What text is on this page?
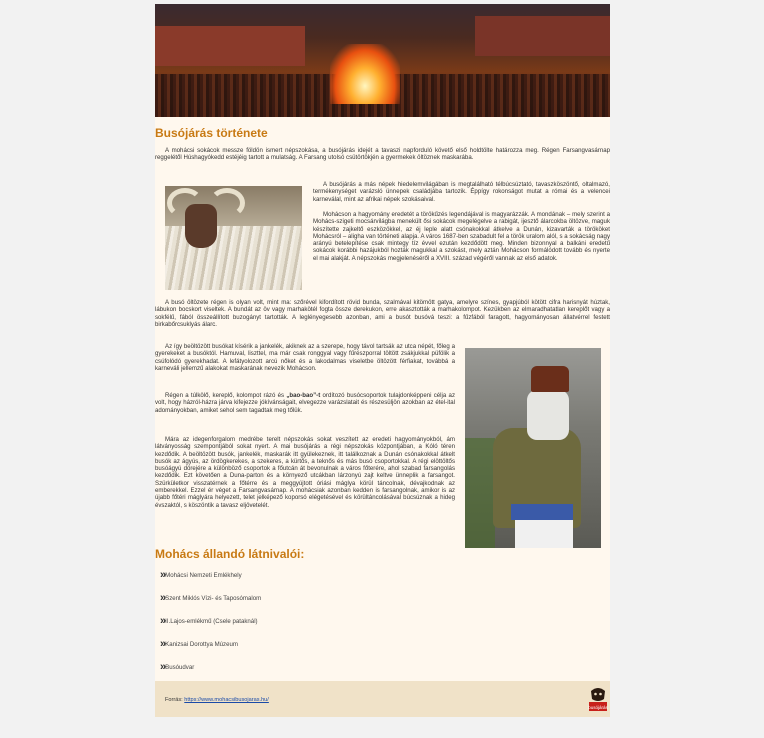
Busójárás története

A mohácsi sokácok messze földön ismert népszokása, a busójárás idejét a tavaszi napforduló követő első holdtölte határozza meg. Régen Farsangvasárnap reggelétől Húshagyókedd estéjéig tartott a mulatság. A Farsang utolsó csütörtökjén a gyermekek öltöznek maskarába.

A busójárás a más népek hiedelemvilágában is megtalálható télbúcsúztató, tavaszköszöntő, oltalmazó, termékenységet varázsló ünnepek családjába tartozik. Éppígy rokonságot mutat a római és a velencei karneválal, mint az afrikai népek szokásaival.

Mohácson a hagyomány eredetét a törökűzés legendájával is magyarázzák. A mondának – mely szerint a Mohács-szigeti mocsárvilágba menekült ősi sokácok megelégelve a rabigát, ijesztő álarcokba öltözve, maguk készítette zajkeltő eszközökkel, az éj leple alatt csónakokkal átkelve a Dunán, kizavarták a törököket Mohácsról – aligha van történeti alapja. A város 1687-ben szabadult fel a török uralom alól, s a sokácság nagy arányú betelepítése csak mintegy tíz évvel ezután kezdődött meg. Minden bizonnyal a balkáni eredetű sokácok korábbi hazájukból hozták magukkal a szokást, mely aztán Mohácson formálódott tovább és nyerte el mai alakját. A népszokás megjelenéséről a XVIII. század végéről vannak az első adatok.

A busó öltözete régen is olyan volt, mint ma: szőrével kifordított rövid bunda, szalmával kitömött gatya, amelyre színes, gyapjúból kötött cifra harisnyát húztak, lábukon bocskort viseltek. A bundát az öv vagy marhakötél fogta össze derekukon, erre akasztották a marhakolompot. Kezükben az elmaradhatatlan kereplőt vagy a sokfélű, fából összeállított buzogányt tartották. A leglényegesebb azonban, ami a busót busóvá teszi: a fűzfából faragott, hagyományosan állatvérrel festett birkabőrcsuklyás álarc.

Az így beöltözött busókat kísérik a jankelék, akiknek az a szerepe, hogy távol tartsák az utca népét, főleg a gyerekeket a busóktól. Hamuval, liszttel, ma már csak ronggyal vagy fűrészporral töltött zsákjukkal püfölik a csúfolódó gyerekhadat. A lefátyolozott arcú nőket és a lakodalmas viseletbe öltözött férfiakat, továbbá a karneváli jellemzű alakokat maskarának nevezik Mohácson.

Régen a túlkölő, kereplő, kolompot rázó és „bao-bao”-t ordítozó busócsoportok tulajdonképpeni célja az volt, hogy házról-házra járva kifejezze jókívánságait, elvegezze varázslatait és részesüljön azokban az étel-ital adományokban, amiket sehol sem tagadtak meg tőlük.

Mára az idegenforgalom medrébe terelt népszokás sokat veszített az eredeti hagyományokból, ám látványosság szempontjából sokat nyert. A mai busójárás a régi népszokás központjában, a Kóló téren kezdődik. A beöltözött busók, jankelék, maskarák itt gyülekeznek, itt találkoznak a Dunán csónakokkal átkelt busók az ágyús, az ördögkerekes, a szekeres, a kürtős, a teknős és más busó csoportokkal. A régi elöttöltős busóágyú dörejére a különböző csoportok a főutcán át bevonulnak a város főterére, ahol szabad farsangolás kezdődik. Ezt követően a Duna-parton és a környező utcákban lárzonyú zajt keltve ünneplik a farsangot. Szürkületkor visszatérnek a főtérre és a meggyújtott óriási máglya körül táncolnak, dévajkodnak az emberekkel. Ezzel ér véget a Farsangvasárnap. A mohácsiak azonban kedden is farsangolnak, amikor is az újabb főtéri máglyára helyezett, telet jelképező koporsó elégetésével és körültáncolásával búcsúznak a hideg évszaktól, s köszöntik a tavasz eljövetelét.

Mohács állandó látnivalói:
» Mohácsi Nemzeti Emlékhely
» Szent Miklós Vízi- és Taposómalom
» II.Lajos-emlékmű (Csele pataknál)
» Kanizsai Dorottya Múzeum
» Busóudvar
Forrás: https://www.mohacsibusojaras.hu/
busójárás
